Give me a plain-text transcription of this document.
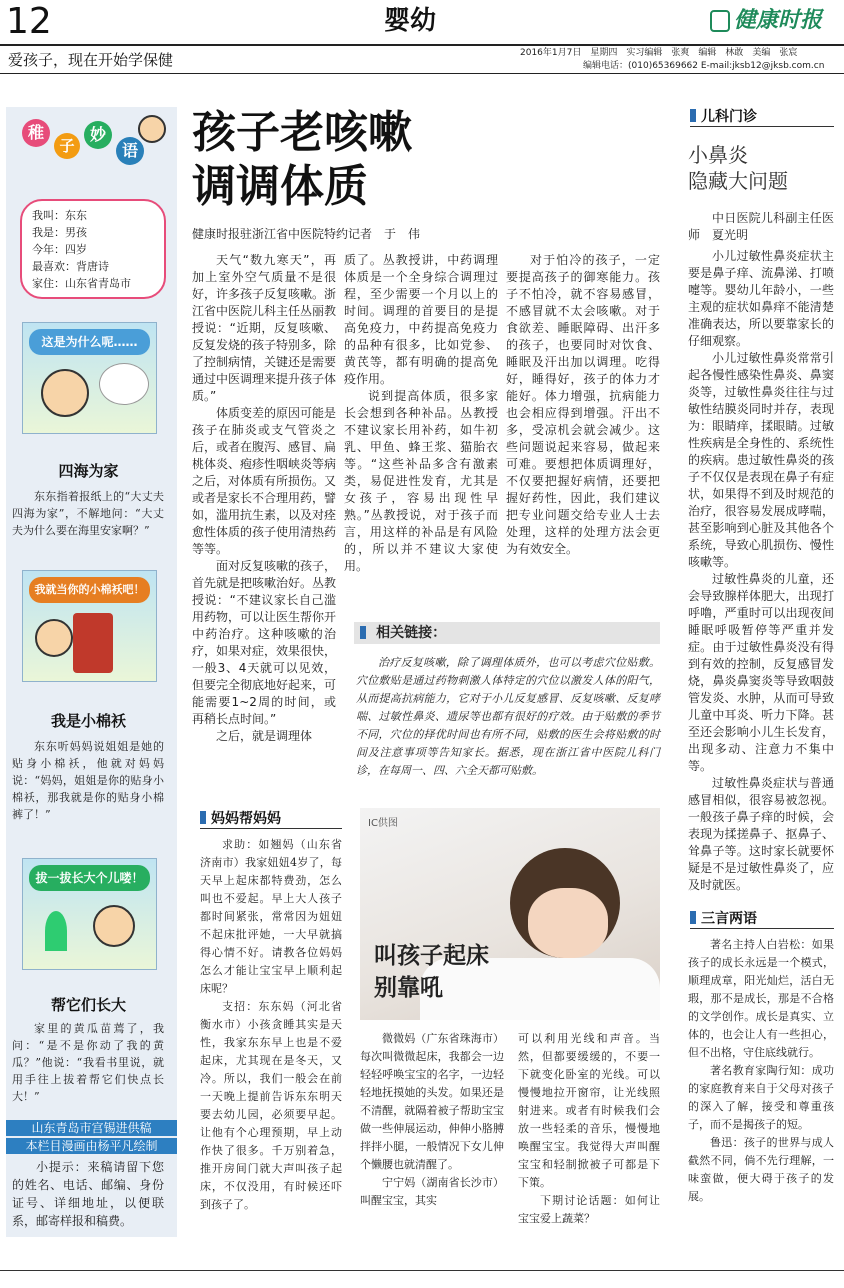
12	婴幼	健康时报
爱孩子，现在开始学保健	2016年1月7日　星期四　实习编辑　张爽　编辑　林敢　美编　张宸
编辑电话：(010)65369662 E-mail:jksb12@jksb.com.cn
稚
子
妙
语
我叫：东东
我是：男孩
今年：四岁
最喜欢：背唐诗
家住：山东省青岛市
这是为什么呢……
四海为家

东东指着报纸上的“大丈夫四海为家”，不解地问：“大丈夫为什么要在海里安家啊？”

我就当你的小棉袄吧！
我是小棉袄

东东听妈妈说姐姐是她的贴身小棉袄，他就对妈妈说：“妈妈，姐姐是你的贴身小棉袄，那我就是你的贴身小棉裤了！”

拔一拔长大个儿喽！
帮它们长大

家里的黄瓜苗蔫了，我问：“是不是你动了我的黄瓜？”他说：“我看书里说，就用手往上拔着帮它们快点长大！”

山东青岛市宫锡进供稿
本栏目漫画由杨平凡绘制

小提示：来稿请留下您的姓名、电话、邮编、身份证号、详细地址，以便联系，邮寄样报和稿费。

孩子老咳嗽
调调体质
健康时报驻浙江省中医院特约记者　于　伟

天气“数九寒天”，再加上室外空气质量不是很好，许多孩子反复咳嗽。浙江省中医院儿科主任丛丽教授说：“近期，反复咳嗽、反复发烧的孩子特别多，除了控制病情，关键还是需要通过中医调理来提升孩子体质。”

体质变差的原因可能是孩子在肺炎或支气管炎之后，或者在腹泻、感冒、扁桃体炎、疱疹性咽峡炎等病之后，对体质有所损伤。又或者是家长不合理用药，譬如，滥用抗生素，以及对痊愈性体质的孩子使用清热药等等。

面对反复咳嗽的孩子，首先就是把咳嗽治好。丛教授说：“不建议家长自己滥用药物，可以让医生帮你开中药治疗。这种咳嗽的治疗，如果对症，效果很快，一般3、4天就可以见效，但要完全彻底地好起来，可能需要1~2周的时间，或再稍长点时间。”

之后，就是调理体

质了。丛教授讲，中药调理体质是一个全身综合调理过程，至少需要一个月以上的时间。调理的首要目的是提高免疫力，中药提高免疫力的品种有很多，比如党参、黄芪等，都有明确的提高免疫作用。

说到提高体质，很多家长会想到各种补品。丛教授不建议家长用补药，如牛初乳、甲鱼、蜂王浆、猫胎衣等。“这些补品多含有激素类，易促进性发育，尤其是女孩子，容易出现性早熟。”丛教授说，对于孩子而言，用这样的补品是有风险的，所以并不建议大家使用。

对于怕冷的孩子，一定要提高孩子的御寒能力。孩子不怕冷，就不容易感冒，不感冒就不太会咳嗽。对于食欲差、睡眠障碍、出汗多的孩子，也要同时对饮食、睡眠及汗出加以调理。吃得好，睡得好，孩子的体力才能好。体力增强，抗病能力也会相应得到增强。汗出不多，受凉机会就会减少。这些问题说起来容易，做起来可难。要想把体质调理好，不仅要把握好病情，还要把握好药性，因此，我们建议把专业问题交给专业人士去处理，这样的处理方法会更为有效安全。

相关链接：

治疗反复咳嗽，除了调理体质外，也可以考虑穴位贴敷。穴位敷贴是通过药物刺激人体特定的穴位以激发人体的阳气，从而提高抗病能力，它对于小儿反复感冒、反复咳嗽、反复哮喘、过敏性鼻炎、遗尿等也都有很好的疗效。由于贴敷的季节不同，穴位的择优时间也有所不同，贴敷的医生会将贴敷的时间及注意事项等告知家长。据悉，现在浙江省中医院儿科门诊，在每周一、四、六全天都可贴敷。

妈妈帮妈妈

求助：如翘妈（山东省济南市）我家妞妞4岁了，每天早上起床都特费劲，怎么叫也不爱起。早上大人孩子都时间紧张，常常因为妞妞不起床批评她，一大早就搞得心情不好。请教各位妈妈怎么才能让宝宝早上顺利起床呢？

支招：东东妈（河北省衡水市）小孩贪睡其实是天性，我家东东早上也是不爱起床，尤其现在是冬天，又冷。所以，我们一般会在前一天晚上提前告诉东东明天要去幼儿园，必须要早起。让他有个心理预期，早上动作快了很多。千万别着急，推开房间门就大声叫孩子起床，不仅没用，有时候还吓到孩子了。

IC供图
叫孩子起床
别靠吼

微微妈（广东省珠海市）每次叫微微起床，我都会一边轻轻呼唤宝宝的名字，一边轻轻地抚摸她的头发。如果还是不清醒，就隔着被子帮助宝宝做一些伸展运动，伸伸小胳膊拌拌小腿，一般情况下女儿伸个懒腰也就清醒了。

宁宁妈（湖南省长沙市）叫醒宝宝，其实

可以利用光线和声音。当然，但都要缓缓的，不要一下就变化卧室的光线。可以慢慢地拉开窗帘，让光线照射进来。或者有时候我们会放一些轻柔的音乐，慢慢地唤醒宝宝。我觉得大声叫醒宝宝和轻制掀被子可都是下下策。

下期讨论话题：如何让宝宝爱上蔬菜？

儿科门诊
小鼻炎
隐藏大问题

中日医院儿科副主任医师　夏光明

小儿过敏性鼻炎症状主要是鼻子痒、流鼻涕、打喷嚏等。婴幼儿年龄小，一些主观的症状如鼻痒不能清楚准确表达，所以要靠家长的仔细观察。

小儿过敏性鼻炎常常引起各慢性感染性鼻炎、鼻窦炎等，过敏性鼻炎往往与过敏性结膜炎同时并存，表现为：眼睛痒，揉眼睛。过敏性疾病是全身性的、系统性的疾病。患过敏性鼻炎的孩子不仅仅是表现在鼻子有症状，如果得不到及时规范的治疗，很容易发展成哮喘，甚至影响到心脏及其他各个系统，导致心肌损伤、慢性咳嗽等。

过敏性鼻炎的儿童，还会导致腺样体肥大，出现打呼噜，严重时可以出现夜间睡眠呼吸暂停等严重并发症。由于过敏性鼻炎没有得到有效的控制，反复感冒发烧，鼻炎鼻窦炎等导致咽鼓管发炎、水肿，从而可导致儿童中耳炎、听力下降。甚至还会影响小儿生长发育，出现多动、注意力不集中等。

过敏性鼻炎症状与普通感冒相似，很容易被忽视。一般孩子鼻子痒的时候，会表现为揉搓鼻子、抠鼻子、耸鼻子等。这时家长就要怀疑是不是过敏性鼻炎了，应及时就医。

三言两语

著名主持人白岩松：如果孩子的成长永远是一个模式，顺理成章，阳光灿烂，活白无瑕，那不是成长，那是不合格的文学创作。成长是真实、立体的，也会让人有一些担心，但不出格，守住底线就行。

著名教育家陶行知：成功的家庭教育来自于父母对孩子的深入了解，接受和尊重孩子，而不是揭孩子的短。

鲁迅：孩子的世界与成人截然不同，倘不先行理解，一味蛮做，便大碍于孩子的发展。
